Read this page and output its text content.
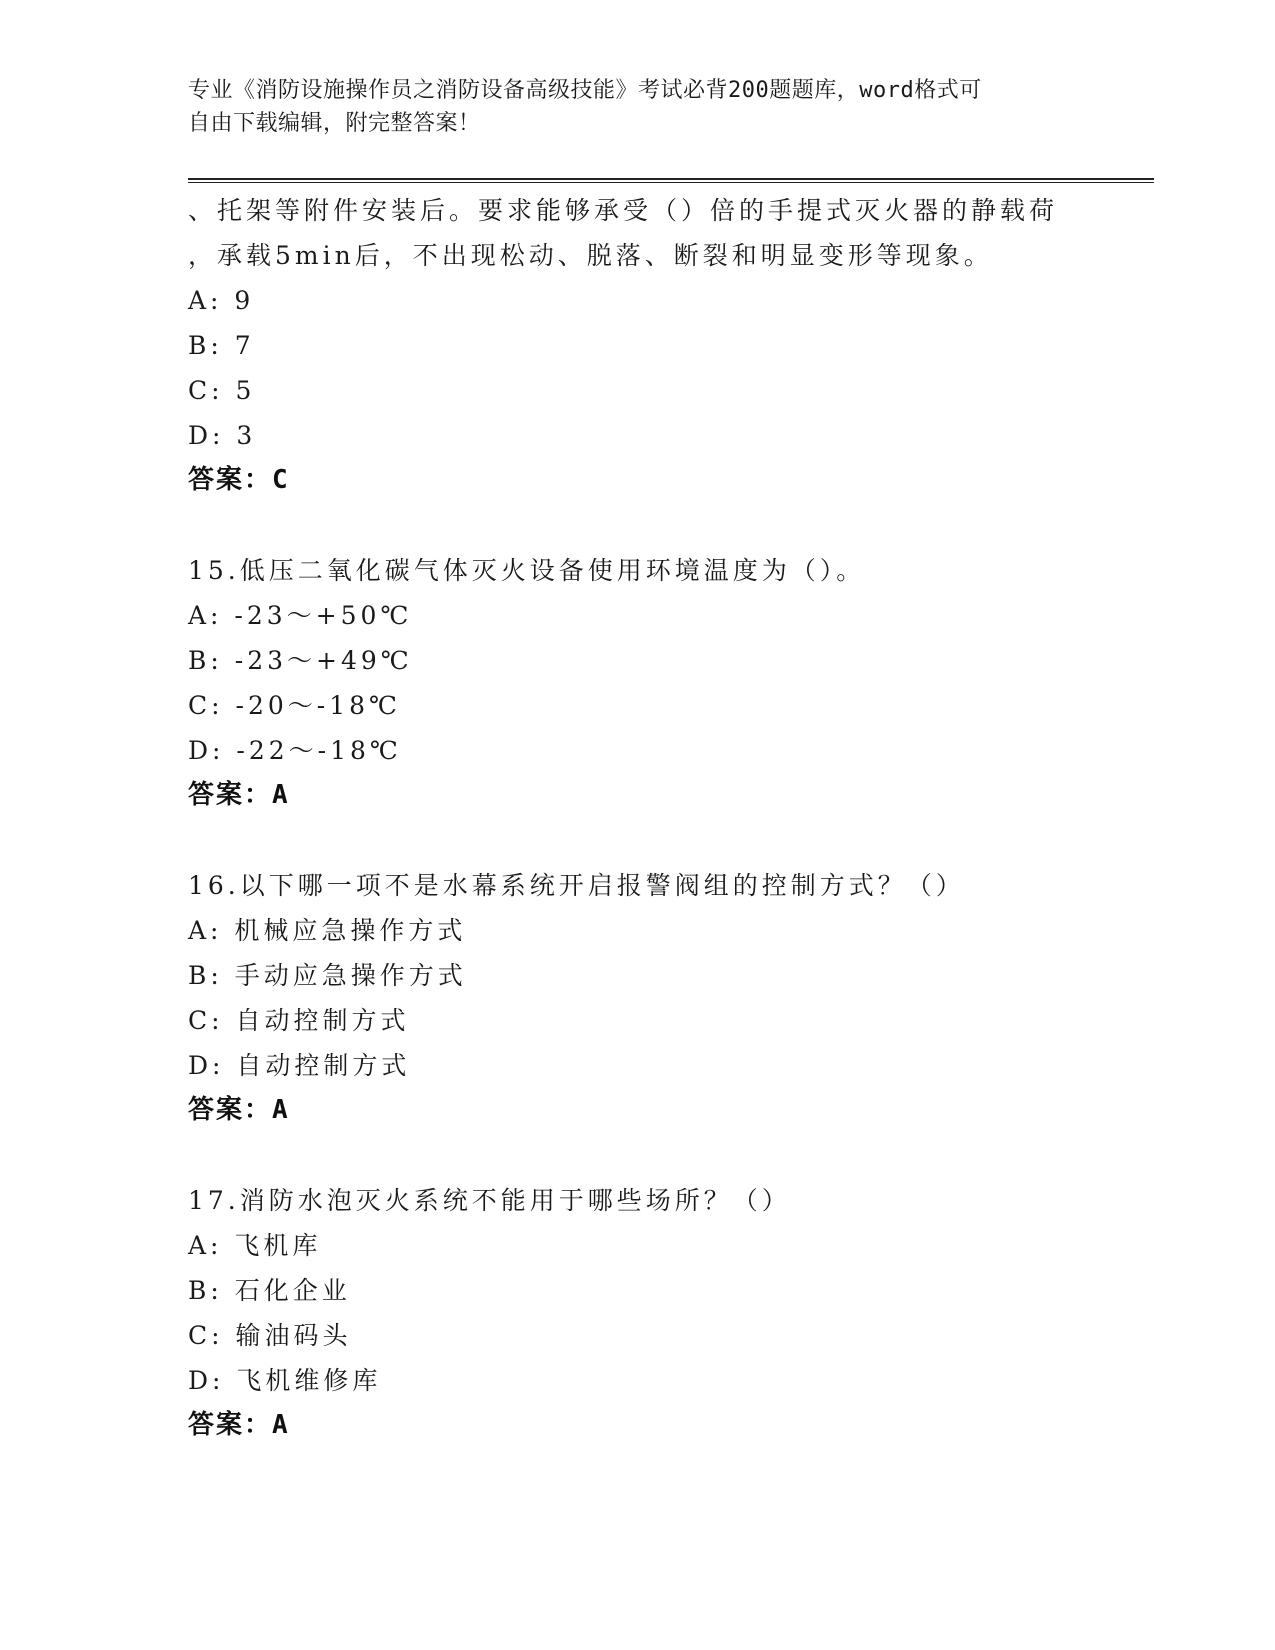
专业《消防设施操作员之消防设备高级技能》考试必背200题题库，word格式可
自由下载编辑，附完整答案！
、托架等附件安装后。要求能够承受（）倍的手提式灭火器的静载荷
，承载5min后，不出现松动、脱落、断裂和明显变形等现象。
A: 9
B: 7
C: 5
D: 3
答案：C
15.低压二氧化碳气体灭火设备使用环境温度为（）。
A: -23～+50℃
B: -23～+49℃
C: -20～-18℃
D: -22～-18℃
答案：A
16.以下哪一项不是水幕系统开启报警阀组的控制方式？（）
A: 机械应急操作方式
B: 手动应急操作方式
C: 自动控制方式
D: 自动控制方式
答案：A
17.消防水泡灭火系统不能用于哪些场所？（）
A: 飞机库
B: 石化企业
C: 输油码头
D: 飞机维修库
答案：A
